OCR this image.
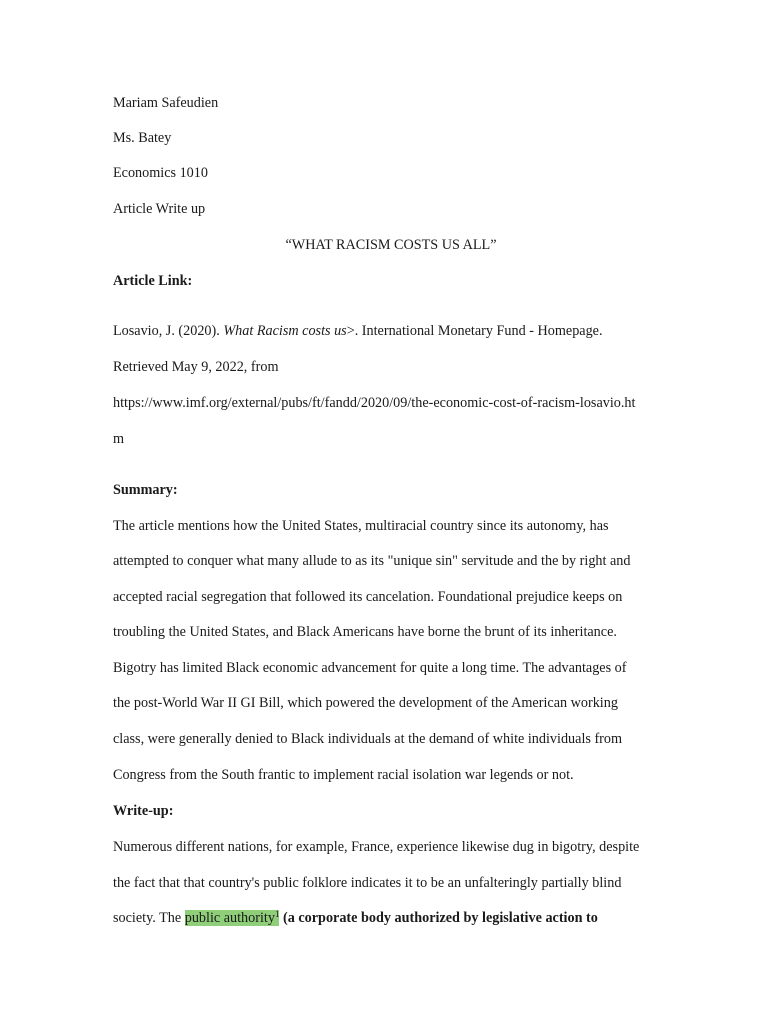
Mariam Safeudien
Ms. Batey
Economics 1010
Article Write up
“WHAT RACISM COSTS US ALL”
Article Link:
Losavio, J. (2020). What Racism costs us>. International Monetary Fund - Homepage.
Retrieved May 9, 2022, from
https://www.imf.org/external/pubs/ft/fandd/2020/09/the-economic-cost-of-racism-losavio.ht
m
Summary:
The article mentions how the United States, multiracial country since its autonomy, has
attempted to conquer what many allude to as its "unique sin" servitude and the by right and
accepted racial segregation that followed its cancelation. Foundational prejudice keeps on
troubling the United States, and Black Americans have borne the brunt of its inheritance.
Bigotry has limited Black economic advancement for quite a long time. The advantages of
the post-World War II GI Bill, which powered the development of the American working
class, were generally denied to Black individuals at the demand of white individuals from
Congress from the South frantic to implement racial isolation war legends or not.
Write-up:
Numerous different nations, for example, France, experience likewise dug in bigotry, despite
the fact that that country's public folklore indicates it to be an unfalteringly partially blind
society. The public authority$^1$ (a corporate body authorized by legislative action to
